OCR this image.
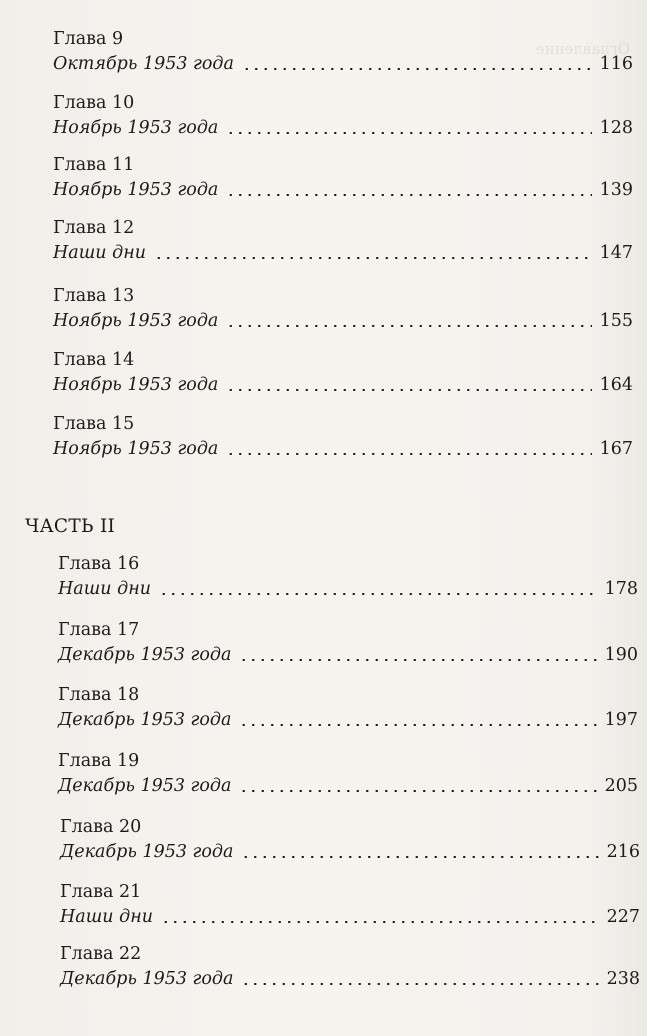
Оглавление

Глава 9
Октябрь 1953 года	116
Глава 10
Ноябрь 1953 года	128
Глава 11
Ноябрь 1953 года	139
Глава 12
Наши дни	147
Глава 13
Ноябрь 1953 года	155
Глава 14
Ноябрь 1953 года	164
Глава 15
Ноябрь 1953 года	167
ЧАСТЬ II
Глава 16
Наши дни	178
Глава 17
Декабрь 1953 года	190
Глава 18
Декабрь 1953 года	197
Глава 19
Декабрь 1953 года	205
Глава 20
Декабрь 1953 года	216
Глава 21
Наши дни	227
Глава 22
Декабрь 1953 года	238
